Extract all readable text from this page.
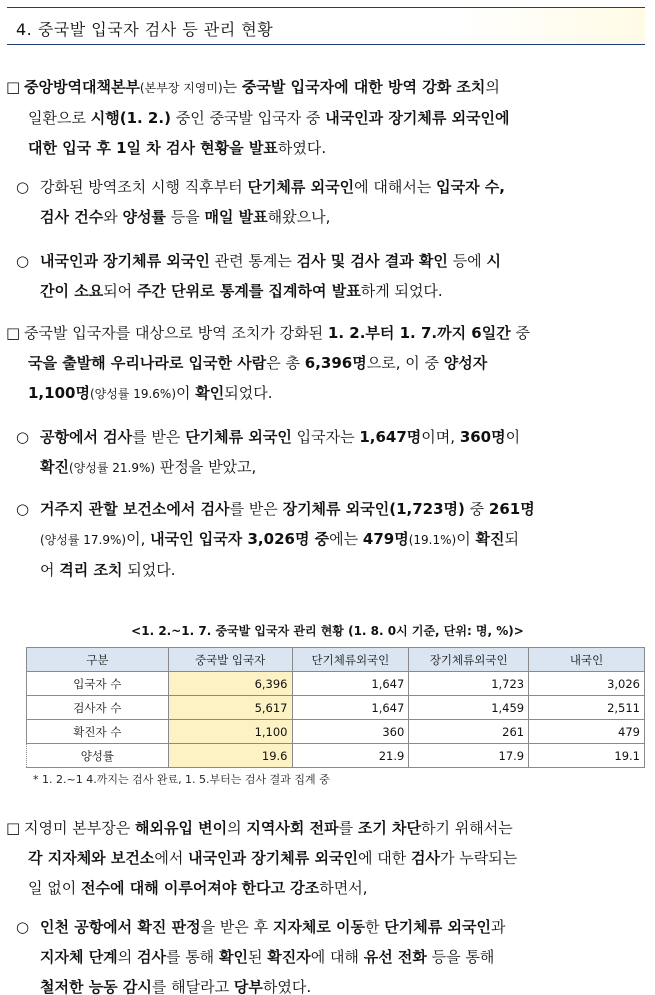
4. 중국발 입국자 검사 등 관리 현황
□ 중앙방역대책본부(본부장 지영미)는 중국발 입국자에 대한 방역 강화 조치의
일환으로 시행(1. 2.) 중인 중국발 입국자 중 내국인과 장기체류 외국인에
대한 입국 후 1일 차 검사 현황을 발표하였다.
○ 강화된 방역조치 시행 직후부터 단기체류 외국인에 대해서는 입국자 수,
검사 건수와 양성률 등을 매일 발표해왔으나,
○ 내국인과 장기체류 외국인 관련 통계는 검사 및 검사 결과 확인 등에 시
간이 소요되어 주간 단위로 통계를 집계하여 발표하게 되었다.
□ 중국발 입국자를 대상으로 방역 조치가 강화된 1. 2.부터 1. 7.까지 6일간 중
국을 출발해 우리나라로 입국한 사람은 총 6,396명으로, 이 중 양성자
1,100명(양성률 19.6%)이 확인되었다.
○ 공항에서 검사를 받은 단기체류 외국인 입국자는 1,647명이며, 360명이
확진(양성률 21.9%) 판정을 받았고,
○ 거주지 관할 보건소에서 검사를 받은 장기체류 외국인(1,723명) 중 261명
(양성률 17.9%)이, 내국인 입국자 3,026명 중에는 479명(19.1%)이 확진되
어 격리 조치 되었다.
<1. 2.~1. 7. 중국발 입국자 관리 현황 (1. 8. 0시 기준, 단위: 명, %)>
구분	중국발 입국자	단기체류외국인	장기체류외국인	내국인
입국자 수	6,396	1,647	1,723	3,026
검사자 수	5,617	1,647	1,459	2,511
확진자 수	1,100	360	261	479
양성률	19.6	21.9	17.9	19.1
* 1. 2.~1 4.까지는 검사 완료, 1. 5.부터는 검사 결과 집계 중
□ 지영미 본부장은 해외유입 변이의 지역사회 전파를 조기 차단하기 위해서는
각 지자체와 보건소에서 내국인과 장기체류 외국인에 대한 검사가 누락되는
일 없이 전수에 대해 이루어져야 한다고 강조하면서,
○ 인천 공항에서 확진 판정을 받은 후 지자체로 이동한 단기체류 외국인과
지자체 단계의 검사를 통해 확인된 확진자에 대해 유선 전화 등을 통해
철저한 능동 감시를 해달라고 당부하였다.
